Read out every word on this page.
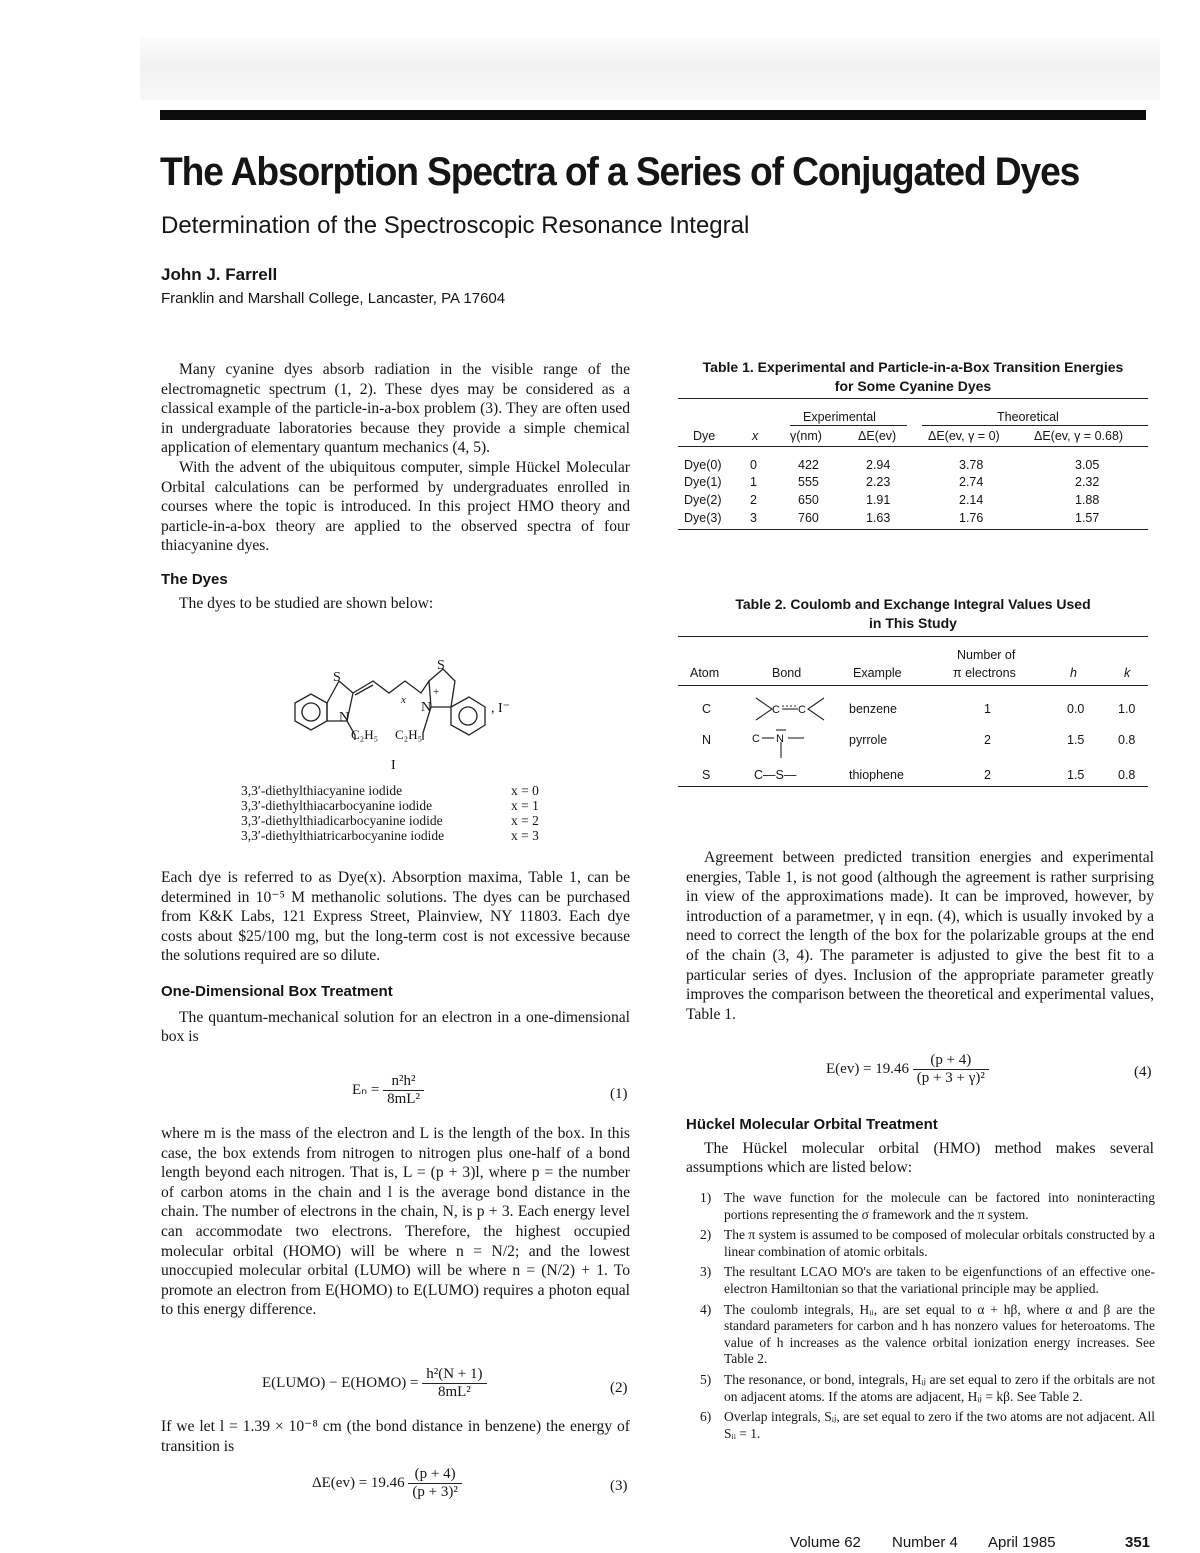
The Absorption Spectra of a Series of Conjugated Dyes
Determination of the Spectroscopic Resonance Integral
John J. Farrell
Franklin and Marshall College, Lancaster, PA 17604

Many cyanine dyes absorb radiation in the visible range of the electromagnetic spectrum (1, 2). These dyes may be considered as a classical example of the particle-in-a-box problem (3). They are often used in undergraduate laboratories because they provide a simple chemical application of elementary quantum mechanics (4, 5).

With the advent of the ubiquitous computer, simple Hückel Molecular Orbital calculations can be performed by undergraduates enrolled in courses where the topic is introduced. In this project HMO theory and particle-in-a-box theory are applied to the observed spectra of four thiacyanine dyes.

The Dyes

The dyes to be studied are shown below:

S
S
N
N
+
x
, I⁻
C₂H₅ C₂H₅
I
3,3′-diethylthiacyanine iodide	x = 0
3,3′-diethylthiacarbocyanine iodide	x = 1
3,3′-diethylthiadicarbocyanine iodide	x = 2
3,3′-diethylthiatricarbocyanine iodide	x = 3

Each dye is referred to as Dye(x). Absorption maxima, Table 1, can be determined in 10⁻⁵ M methanolic solutions. The dyes can be purchased from K&K Labs, 121 Express Street, Plainview, NY 11803. Each dye costs about $25/100 mg, but the long-term cost is not excessive because the solutions required are so dilute.

One-Dimensional Box Treatment

The quantum-mechanical solution for an electron in a one-dimensional box is

$E_n = \frac{\text{n²h²}}{\text{8mL²}}$	(1)

where m is the mass of the electron and L is the length of the box. In this case, the box extends from nitrogen to nitrogen plus one-half of a bond length beyond each nitrogen. That is, L = (p + 3)l, where p = the number of carbon atoms in the chain and l is the average bond distance in the chain. The number of electrons in the chain, N, is p + 3. Each energy level can accommodate two electrons. Therefore, the highest occupied molecular orbital (HOMO) will be where n = N/2; and the lowest unoccupied molecular orbital (LUMO) will be where n = (N/2) + 1. To promote an electron from E(HOMO) to E(LUMO) requires a photon equal to this energy difference.

E(LUMO) − E(HOMO) = $\frac{\text{h²(N + 1)}}{\text{8mL²}}$	(2)

If we let l = 1.39 × 10⁻⁸ cm (the bond distance in benzene) the energy of transition is

$\Delta E(ev) = 19.46 \frac{(p + 4)}{\text{(p + 3)²}}$	(3)
Table 1. Experimental and Particle-in-a-Box Transition Energies
for Some Cyanine Dyes
Experimental	Theoretical
Dye	x	γ(nm)	ΔE(ev)	ΔE(ev, γ = 0)	ΔE(ev, γ = 0.68)
Dye(0) 0	422	2.94	3.78	3.05
Dye(1) 1	555	2.23	2.74	2.32
Dye(2) 2	650	1.91	2.14	1.88
Dye(3) 3	760	1.63	1.76	1.57
Table 2. Coulomb and Exchange Integral Values Used
in This Study
Atom	Bond	Example
Number of
π electrons	h	k
C	C C	benzene	1	0.0	1.0
N	C N	pyrrole	2	1.5	0.8
S	C—S—	thiophene	2	1.5	0.8

Agreement between predicted transition energies and experimental energies, Table 1, is not good (although the agreement is rather surprising in view of the approximations made). It can be improved, however, by introduction of a parametmer, γ in eqn. (4), which is usually invoked by a need to correct the length of the box for the polarizable groups at the end of the chain (3, 4). The parameter is adjusted to give the best fit to a particular series of dyes. Inclusion of the appropriate parameter greatly improves the comparison between the theoretical and experimental values, Table 1.

$E(ev) = 19.46 \frac{(p + 4)}{\text{(p + 3 + γ)²}}$	(4)
Hückel Molecular Orbital Treatment

The Hückel molecular orbital (HMO) method makes several assumptions which are listed below:

1) The wave function for the molecule can be factored into noninteracting portions representing the σ framework and the π system.
2) The π system is assumed to be composed of molecular orbitals constructed by a linear combination of atomic orbitals.
3) The resultant LCAO MO's are taken to be eigenfunctions of an effective one-electron Hamiltonian so that the variational principle may be applied.
4) The coulomb integrals, Hᵢᵢ, are set equal to α + hβ, where α and β are the standard parameters for carbon and h has nonzero values for heteroatoms. The value of h increases as the valence orbital ionization energy increases. See Table 2.
5) The resonance, or bond, integrals, Hᵢⱼ are set equal to zero if the orbitals are not on adjacent atoms. If the atoms are adjacent, Hᵢⱼ = kβ. See Table 2.
6) Overlap integrals, Sᵢⱼ, are set equal to zero if the two atoms are not adjacent. All Sᵢᵢ = 1.
Volume 62 Number 4 April 1985	351
